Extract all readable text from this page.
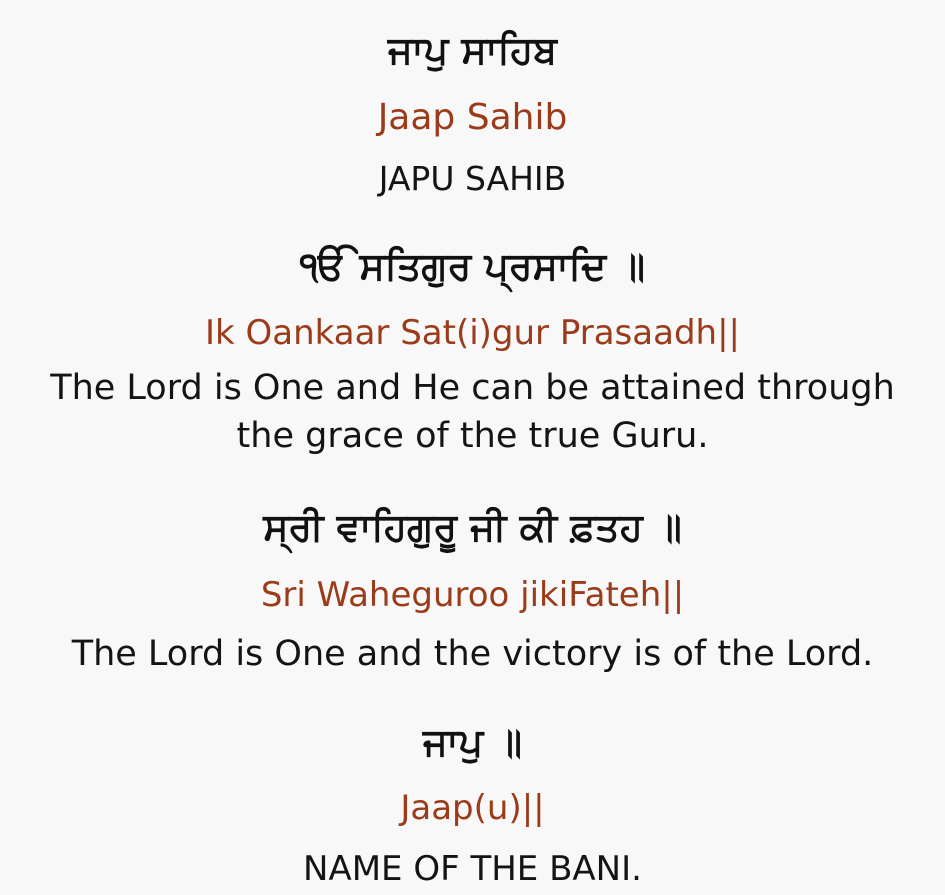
ਜਾਪੁ ਸਾਹਿਬ
Jaap Sahib
JAPU SAHIB
ੴ ਸਤਿਗੁਰ ਪ੍ਰਸਾਦਿ ॥
Ik Oankaar Sat(i)gur Prasaadh||
The Lord is One and He can be attained through
the grace of the true Guru.
ਸ੍ਰੀ ਵਾਹਿਗੁਰੂ ਜੀ ਕੀ ਫ਼ਤਹ ॥
Sri Waheguroo jikiFateh||
The Lord is One and the victory is of the Lord.
ਜਾਪੁ ॥
Jaap(u)||
NAME OF THE BANI.
